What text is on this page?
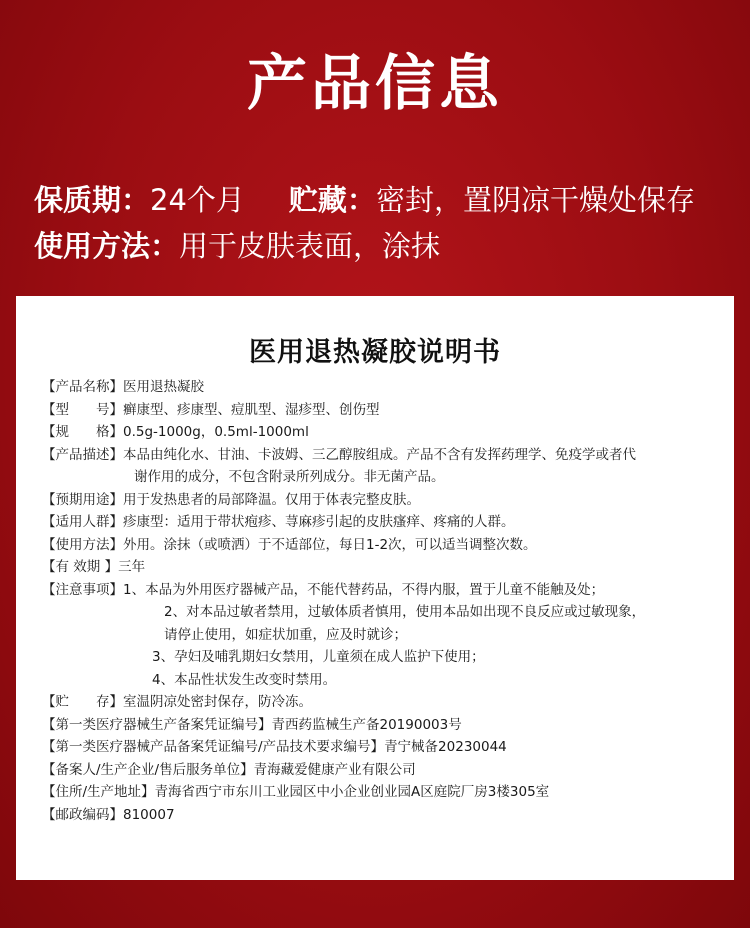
产品信息
保质期：24个月 贮藏：密封，置阴凉干燥处保存
使用方法：用于皮肤表面，涂抹
医用退热凝胶说明书
【产品名称】医用退热凝胶
【型　　号】癣康型、疹康型、痘肌型、湿疹型、创伤型
【规　　格】0.5g-1000g，0.5ml-1000ml
【产品描述】本品由纯化水、甘油、卡波姆、三乙醇胺组成。产品不含有发挥药理学、免疫学或者代
谢作用的成分，不包含附录所列成分。非无菌产品。
【预期用途】用于发热患者的局部降温。仅用于体表完整皮肤。
【适用人群】疹康型：适用于带状疱疹、荨麻疹引起的皮肤瘙痒、疼痛的人群。
【使用方法】外用。涂抹（或喷洒）于不适部位，每日1-2次，可以适当调整次数。
【有 效期 】三年
【注意事项】1、本品为外用医疗器械产品，不能代替药品，不得内服，置于儿童不能触及处；
2、对本品过敏者禁用，过敏体质者慎用，使用本品如出现不良反应或过敏现象，
请停止使用，如症状加重，应及时就诊；
3、孕妇及哺乳期妇女禁用，儿童须在成人监护下使用；
4、本品性状发生改变时禁用。
【贮　　存】室温阴凉处密封保存，防冷冻。
【第一类医疗器械生产备案凭证编号】青西药监械生产备20190003号
【第一类医疗器械产品备案凭证编号/产品技术要求编号】青宁械备20230044
【备案人/生产企业/售后服务单位】青海藏爱健康产业有限公司
【住所/生产地址】青海省西宁市东川工业园区中小企业创业园A区庭院厂房3楼305室
【邮政编码】810007
